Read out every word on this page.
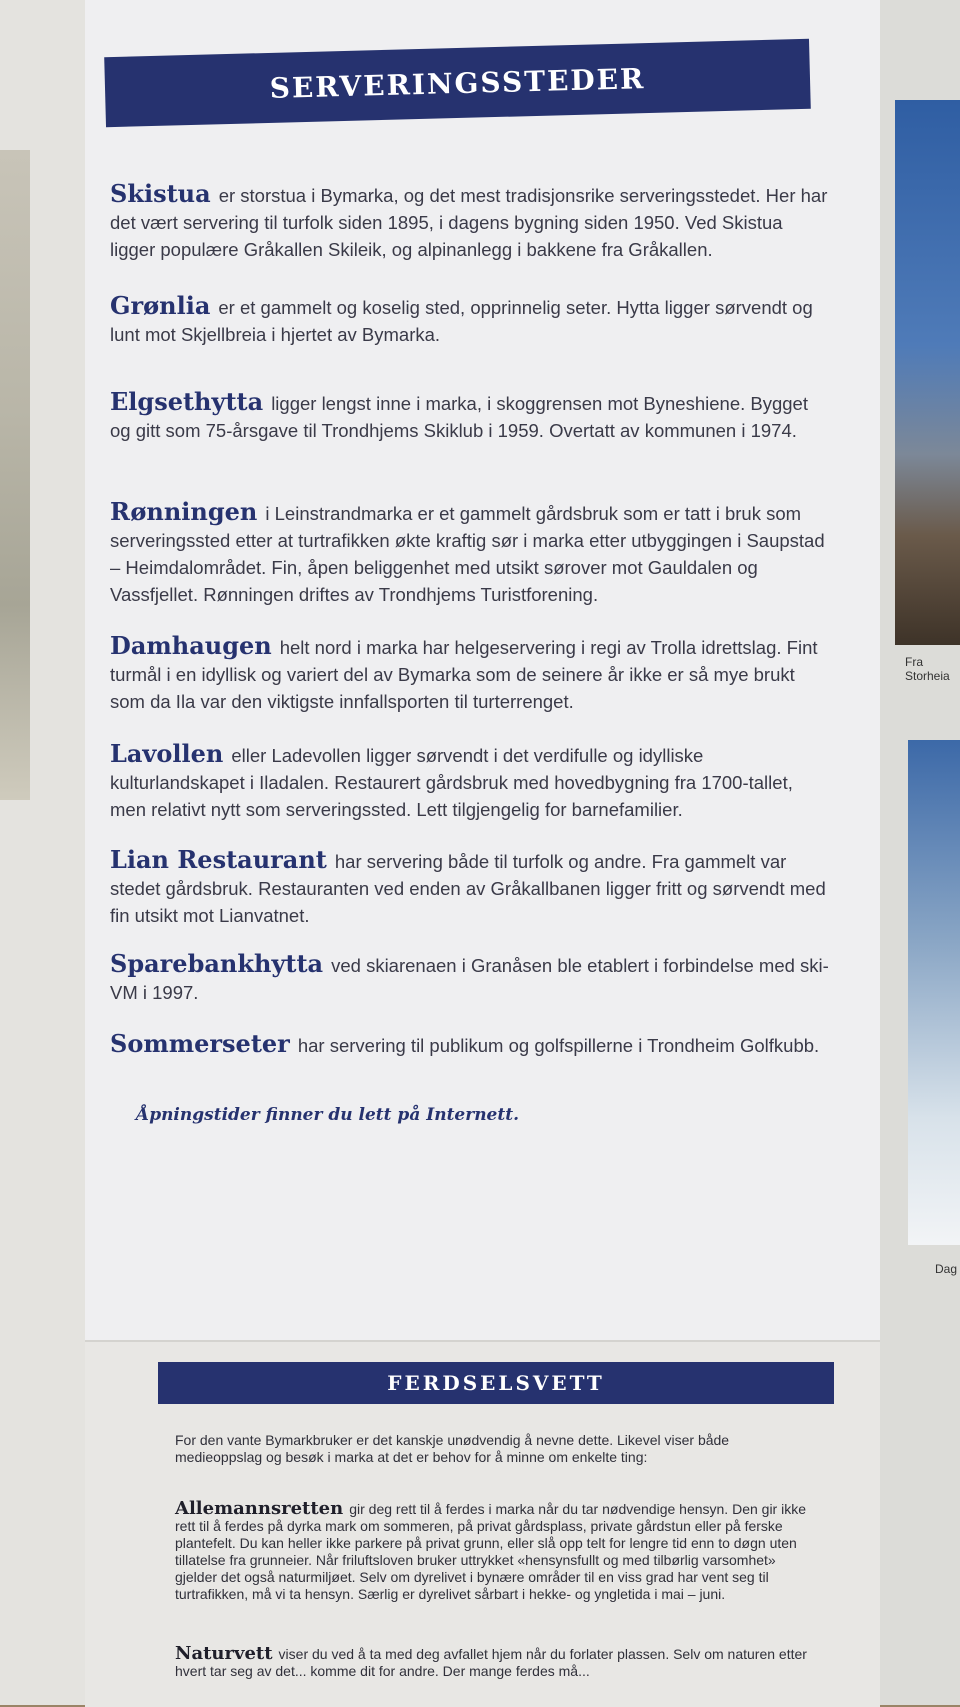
Fra Storheia
Dag
SERVERINGSSTEDER
Skistua er storstua i Bymarka, og det mest tradisjonsrike serveringsstedet. Her har det vært servering til turfolk siden 1895, i dagens bygning siden 1950. Ved Skistua ligger populære Gråkallen Skileik, og alpinanlegg i bakkene fra Gråkallen.
Grønlia er et gammelt og koselig sted, opprinnelig seter. Hytta ligger sørvendt og lunt mot Skjellbreia i hjertet av Bymarka.
Elgsethytta ligger lengst inne i marka, i skoggrensen mot Byneshiene. Bygget og gitt som 75-årsgave til Trondhjems Skiklub i 1959. Overtatt av kommunen i 1974.
Rønningen i Leinstrandmarka er et gammelt gårdsbruk som er tatt i bruk som serveringssted etter at turtrafikken økte kraftig sør i marka etter utbyggingen i Saupstad – Heimdalområdet. Fin, åpen beliggenhet med utsikt sørover mot Gauldalen og Vassfjellet. Rønningen driftes av Trondhjems Turistforening.
Damhaugen helt nord i marka har helgeservering i regi av Trolla idrettslag. Fint turmål i en idyllisk og variert del av Bymarka som de seinere år ikke er så mye brukt som da Ila var den viktigste innfallsporten til turterrenget.
Lavollen eller Ladevollen ligger sørvendt i det verdifulle og idylliske kulturlandskapet i Iladalen. Restaurert gårdsbruk med hovedbygning fra 1700-tallet, men relativt nytt som serveringssted. Lett tilgjengelig for barnefamilier.
Lian Restaurant har servering både til turfolk og andre. Fra gammelt var stedet gårdsbruk. Restauranten ved enden av Gråkallbanen ligger fritt og sørvendt med fin utsikt mot Lianvatnet.
Sparebankhytta ved skiarenaen i Granåsen ble etablert i forbindelse med ski-VM i 1997.
Sommerseter har servering til publikum og golfspillerne i Trondheim Golfkubb.
Åpningstider finner du lett på Internett.
FERDSELSVETT
For den vante Bymarkbruker er det kanskje unødvendig å nevne dette. Likevel viser både medieoppslag og besøk i marka at det er behov for å minne om enkelte ting:
Allemannsretten gir deg rett til å ferdes i marka når du tar nødvendige hensyn. Den gir ikke rett til å ferdes på dyrka mark om sommeren, på privat gårdsplass, private gårdstun eller på ferske plantefelt. Du kan heller ikke parkere på privat grunn, eller slå opp telt for lengre tid enn to døgn uten tillatelse fra grunneier. Når friluftsloven bruker uttrykket «hensynsfullt og med tilbørlig varsomhet» gjelder det også naturmiljøet. Selv om dyrelivet i bynære områder til en viss grad har vent seg til turtrafikken, må vi ta hensyn. Særlig er dyrelivet sårbart i hekke- og yngletida i mai – juni.
Naturvett viser du ved å ta med deg avfallet hjem når du forlater plassen. Selv om naturen etter hvert tar seg av det... komme dit for andre. Der mange ferdes må...
